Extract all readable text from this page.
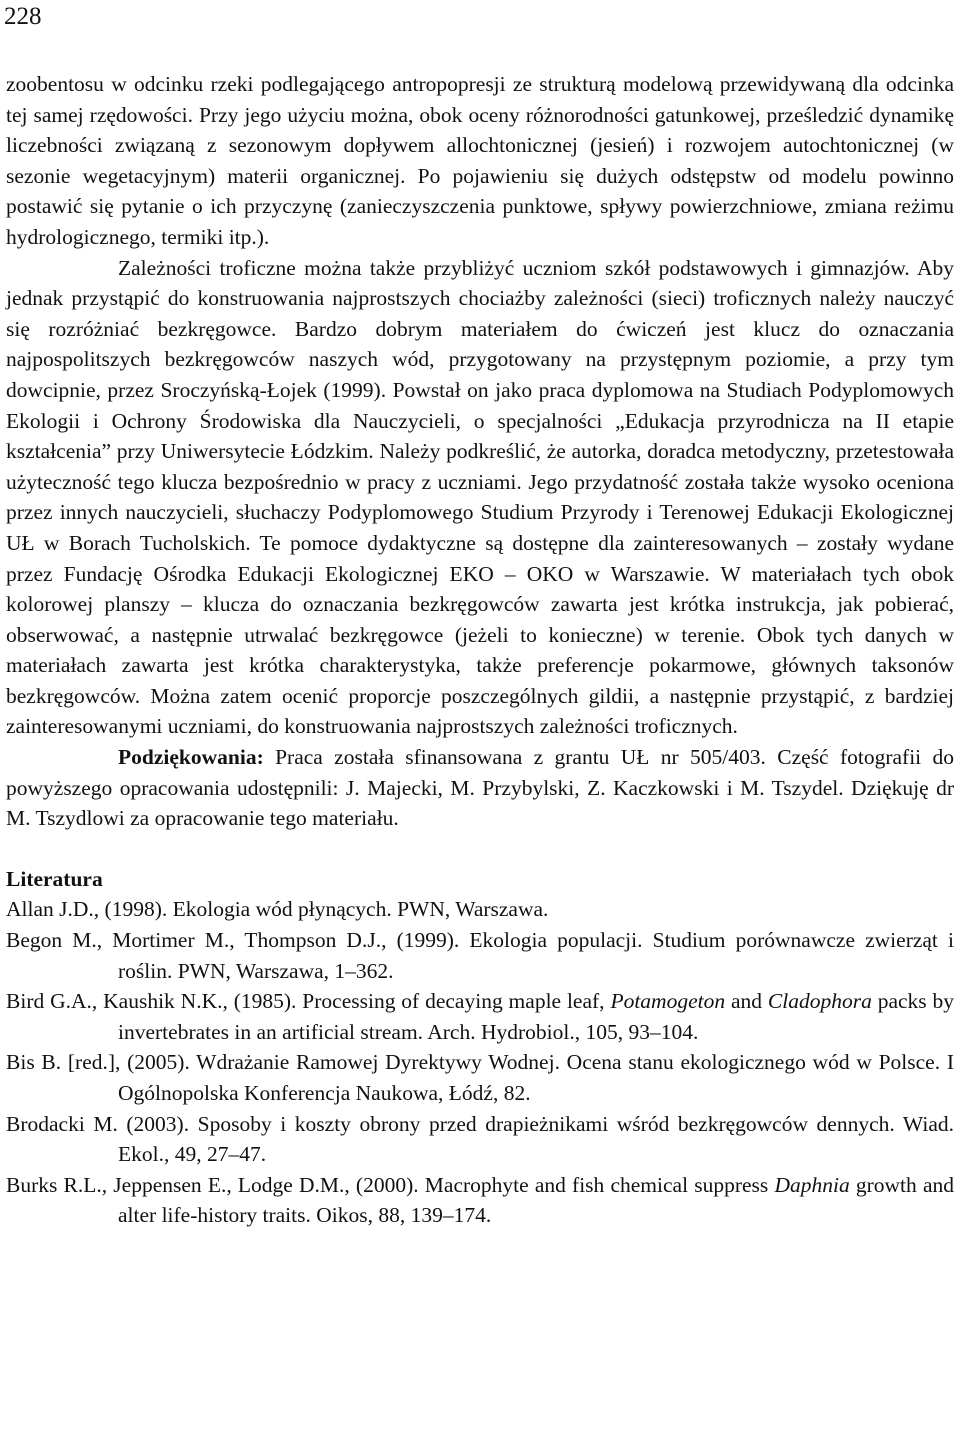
228

zoobentosu w odcinku rzeki podlegającego antropopresji ze strukturą modelową przewidywaną dla odcinka tej samej rzędowości. Przy jego użyciu można, obok oceny różnorodności gatunkowej, prześledzić dynamikę liczebności związaną z sezonowym dopływem allochtonicznej (jesień) i rozwojem autochtonicznej (w sezonie wegetacyjnym) materii organicznej. Po pojawieniu się dużych odstępstw od modelu powinno postawić się pytanie o ich przyczynę (zanieczyszczenia punktowe, spływy powierzchniowe, zmiana reżimu hydrologicznego, termiki itp.).

Zależności troficzne można także przybliżyć uczniom szkół podstawowych i gimnazjów. Aby jednak przystąpić do konstruowania najprostszych chociażby zależności (sieci) troficznych należy nauczyć się rozróżniać bezkręgowce. Bardzo dobrym materiałem do ćwiczeń jest klucz do oznaczania najpospolitszych bezkręgowców naszych wód, przygotowany na przystępnym poziomie, a przy tym dowcipnie, przez Sroczyńską-Łojek (1999). Powstał on jako praca dyplomowa na Studiach Podyplomowych Ekologii i Ochrony Środowiska dla Nauczycieli, o specjalności „Edukacja przyrodnicza na II etapie kształcenia” przy Uniwersytecie Łódzkim. Należy podkreślić, że autorka, doradca metodyczny, przetestowała użyteczność tego klucza bezpośrednio w pracy z uczniami. Jego przydatność została także wysoko oceniona przez innych nauczycieli, słuchaczy Podyplomowego Studium Przyrody i Terenowej Edukacji Ekologicznej UŁ w Borach Tucholskich. Te pomoce dydaktyczne są dostępne dla zainteresowanych – zostały wydane przez Fundację Ośrodka Edukacji Ekologicznej EKO – OKO w Warszawie. W materiałach tych obok kolorowej planszy – klucza do oznaczania bezkręgowców zawarta jest krótka instrukcja, jak pobierać, obserwować, a następnie utrwalać bezkręgowce (jeżeli to konieczne) w terenie. Obok tych danych w materiałach zawarta jest krótka charakterystyka, także preferencje pokarmowe, głównych taksonów bezkręgowców. Można zatem ocenić proporcje poszczególnych gildii, a następnie przystąpić, z bardziej zainteresowanymi uczniami, do konstruowania najprostszych zależności troficznych.

Podziękowania: Praca została sfinansowana z grantu UŁ nr 505/403. Część fotografii do powyższego opracowania udostępnili: J. Majecki, M. Przybylski, Z. Kaczkowski i M. Tszydel. Dziękuję dr M. Tszydlowi za opracowanie tego materiału.

Literatura
Allan J.D., (1998). Ekologia wód płynących. PWN, Warszawa.
Begon M., Mortimer M., Thompson D.J., (1999). Ekologia populacji. Studium porównawcze zwierząt i roślin. PWN, Warszawa, 1–362.
Bird G.A., Kaushik N.K., (1985). Processing of decaying maple leaf, Potamogeton and Cladophora packs by invertebrates in an artificial stream. Arch. Hydrobiol., 105, 93–104.
Bis B. [red.], (2005). Wdrażanie Ramowej Dyrektywy Wodnej. Ocena stanu ekologicznego wód w Polsce. I Ogólnopolska Konferencja Naukowa, Łódź, 82.
Brodacki M. (2003). Sposoby i koszty obrony przed drapieżnikami wśród bezkręgowców dennych. Wiad. Ekol., 49, 27–47.
Burks R.L., Jeppensen E., Lodge D.M., (2000). Macrophyte and fish chemical suppress Daphnia growth and alter life-history traits. Oikos, 88, 139–174.
